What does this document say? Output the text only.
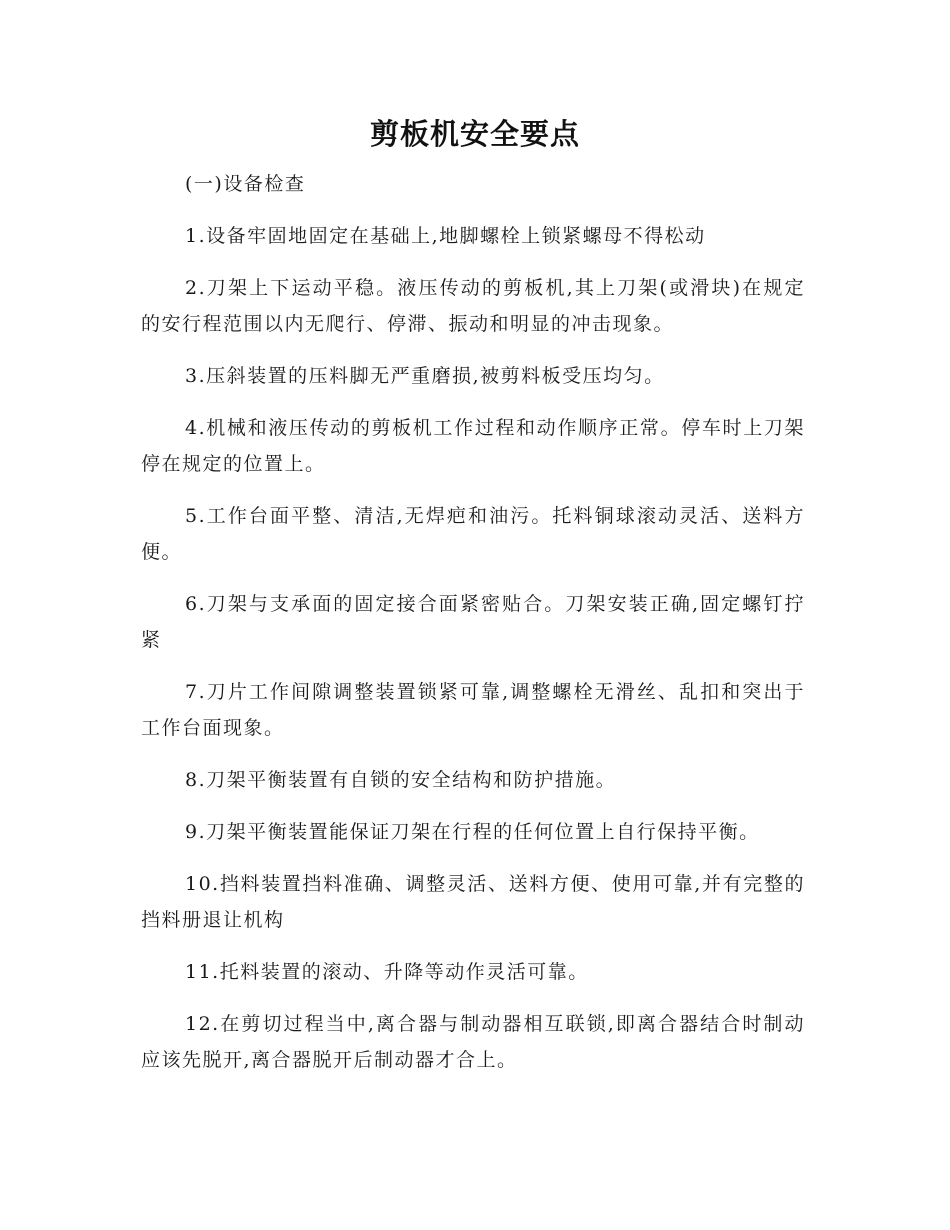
剪板机安全要点

(一)设备检查

1.设备牢固地固定在基础上,地脚螺栓上锁紧螺母不得松动

2.刀架上下运动平稳。液压传动的剪板机,其上刀架(或滑块)在规定的安行程范围以内无爬行、停滞、振动和明显的冲击现象。

3.压斜装置的压料脚无严重磨损,被剪料板受压均匀。

4.机械和液压传动的剪板机工作过程和动作顺序正常。停车时上刀架停在规定的位置上。

5.工作台面平整、清洁,无焊疤和油污。托料铜球滚动灵活、送料方便。

6.刀架与支承面的固定接合面紧密贴合。刀架安装正确,固定螺钉拧紧

7.刀片工作间隙调整装置锁紧可靠,调整螺栓无滑丝、乱扣和突出于工作台面现象。

8.刀架平衡装置有自锁的安全结构和防护措施。

9.刀架平衡装置能保证刀架在行程的任何位置上自行保持平衡。

10.挡料装置挡料准确、调整灵活、送料方便、使用可靠,并有完整的挡料册退让机构

11.托料装置的滚动、升降等动作灵活可靠。

12.在剪切过程当中,离合器与制动器相互联锁,即离合器结合时制动应该先脱开,离合器脱开后制动器才合上。
